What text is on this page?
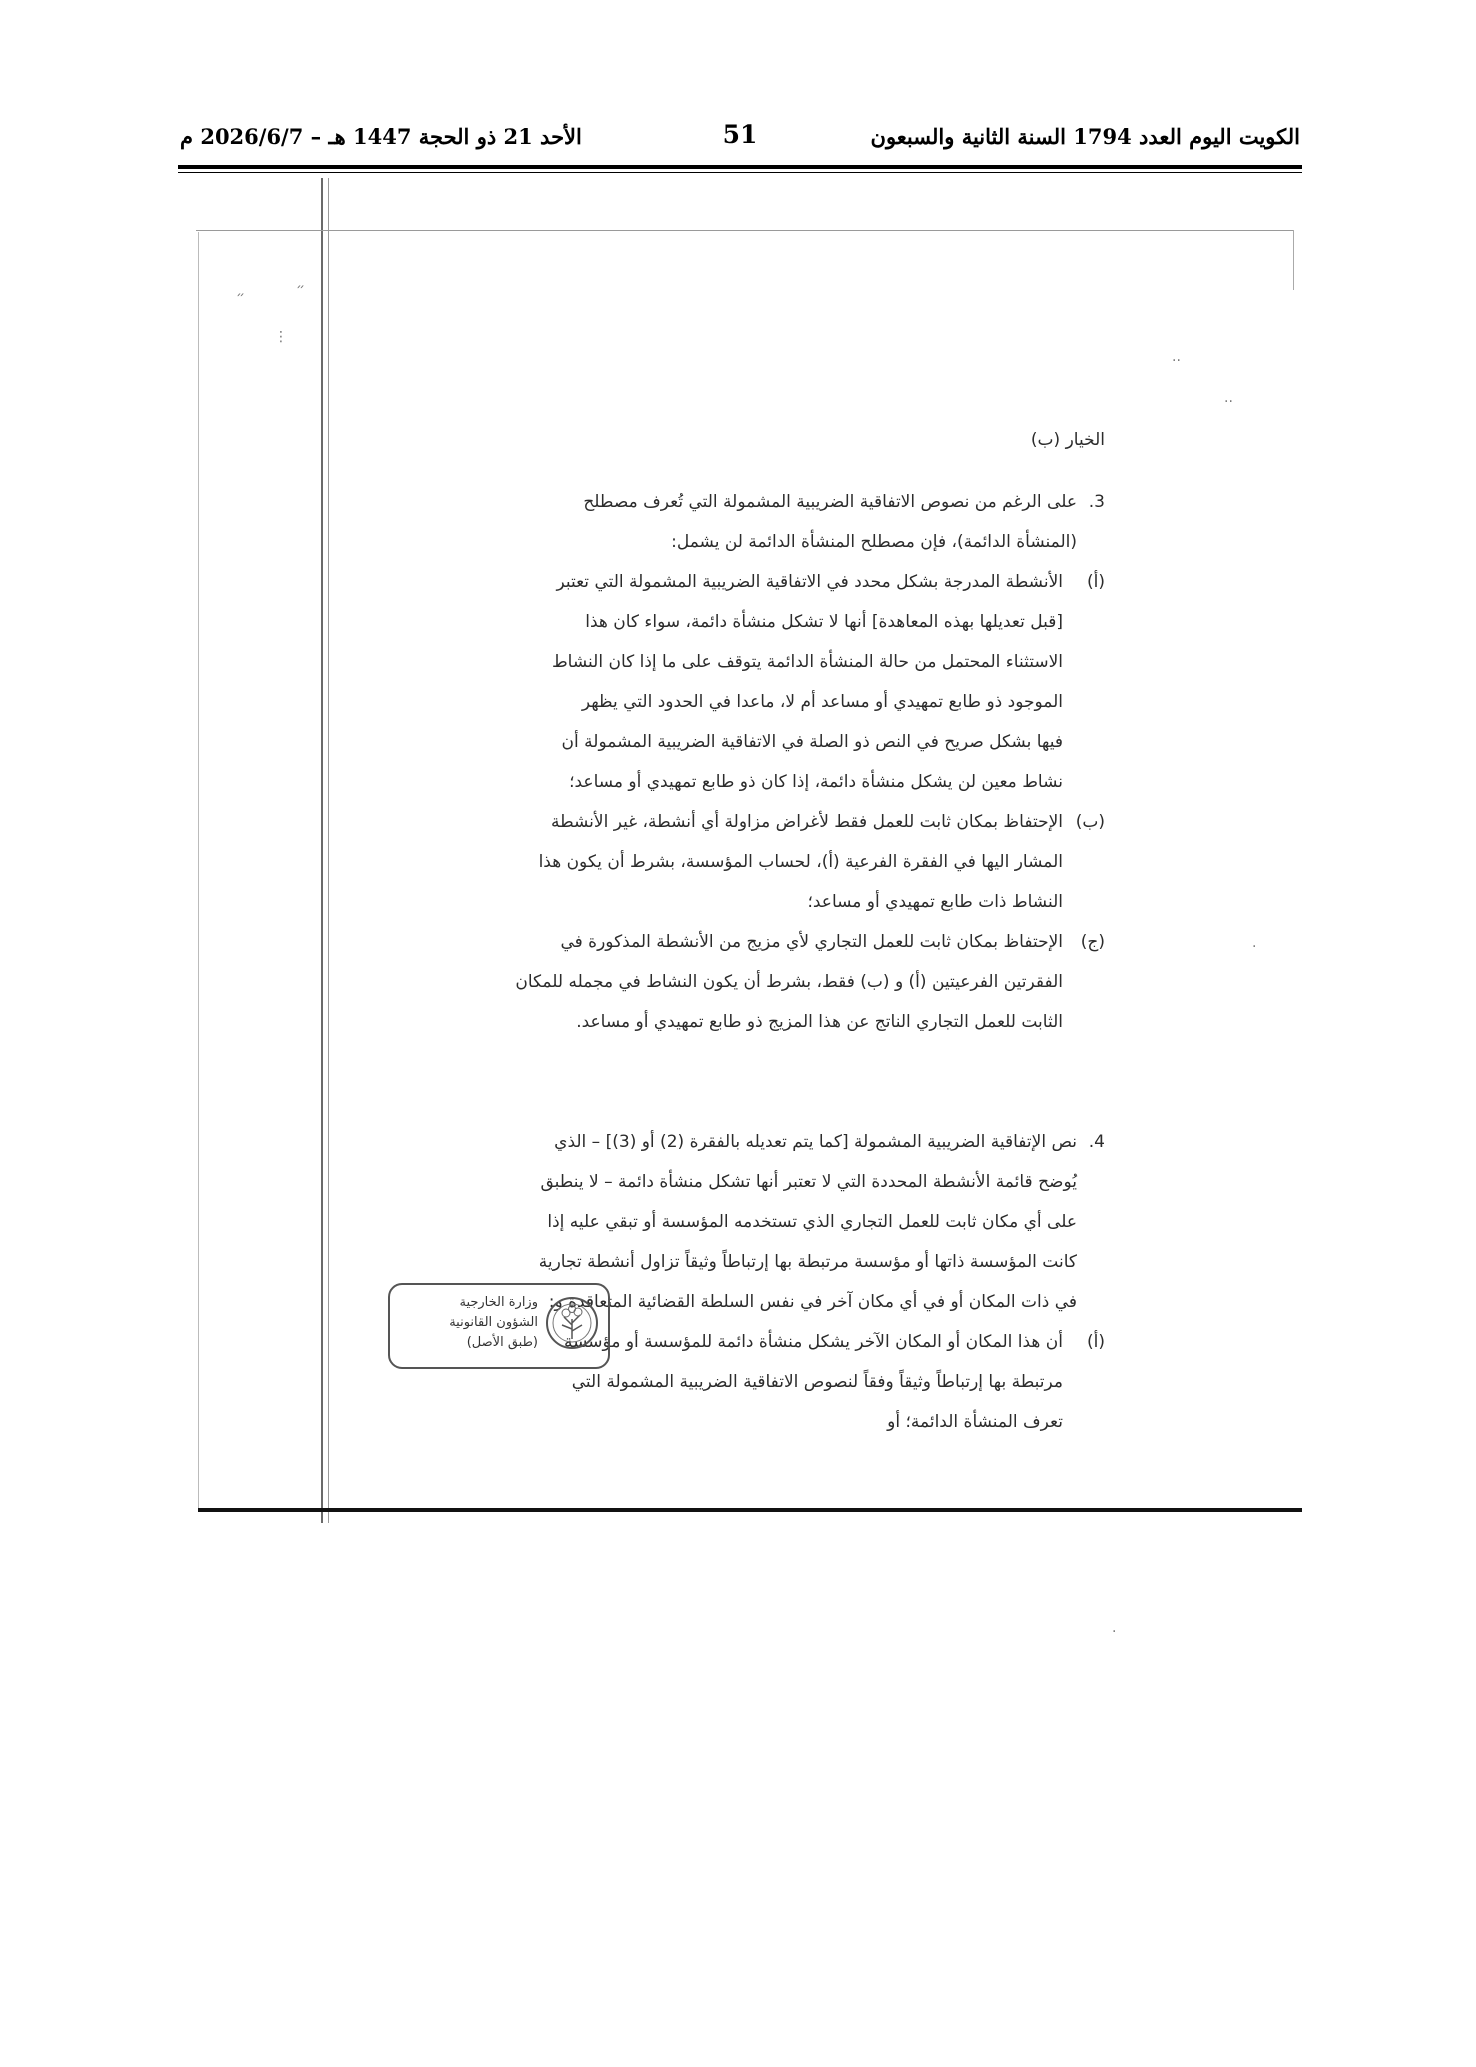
الكويت اليوم العدد 1794 السنة الثانية والسبعون
51
الأحد 21 ذو الحجة 1447 هـ – 2026/6/7 م
״	״
⋮
··
··
·
·
الخيار (ب)
3.على الرغم من نصوص الاتفاقية الضريبية المشمولة التي تُعرف مصطلح
(المنشأة الدائمة)، فإن مصطلح المنشأة الدائمة لن يشمل:
(أ)الأنشطة المدرجة بشكل محدد في الاتفاقية الضريبية المشمولة التي تعتبر
[قبل تعديلها بهذه المعاهدة] أنها لا تشكل منشأة دائمة، سواء كان هذا
الاستثناء المحتمل من حالة المنشأة الدائمة يتوقف على ما إذا كان النشاط
الموجود ذو طابع تمهيدي أو مساعد أم لا، ماعدا في الحدود التي يظهر
فيها بشكل صريح في النص ذو الصلة في الاتفاقية الضريبية المشمولة أن
نشاط معين لن يشكل منشأة دائمة، إذا كان ذو طابع تمهيدي أو مساعد؛
(ب)الإحتفاظ بمكان ثابت للعمل فقط لأغراض مزاولة أي أنشطة، غير الأنشطة
المشار اليها في الفقرة الفرعية (أ)، لحساب المؤسسة، بشرط أن يكون هذا
النشاط ذات طابع تمهيدي أو مساعد؛
(ج)الإحتفاظ بمكان ثابت للعمل التجاري لأي مزيج من الأنشطة المذكورة في
الفقرتين الفرعيتين (أ) و (ب) فقط، بشرط أن يكون النشاط في مجمله للمكان
الثابت للعمل التجاري الناتج عن هذا المزيج ذو طابع تمهيدي أو مساعد.
4.نص الإتفاقية الضريبية المشمولة [كما يتم تعديله بالفقرة (2) أو (3)] – الذي
يُوضح قائمة الأنشطة المحددة التي لا تعتبر أنها تشكل منشأة دائمة – لا ينطبق
على أي مكان ثابت للعمل التجاري الذي تستخدمه المؤسسة أو تبقي عليه إذا
كانت المؤسسة ذاتها أو مؤسسة مرتبطة بها إرتباطاً وثيقاً تزاول أنشطة تجارية
في ذات المكان أو في أي مكان آخر في نفس السلطة القضائية المتعاقدة و:
(أ)أن هذا المكان أو المكان الآخر يشكل منشأة دائمة للمؤسسة أو مؤسسة
مرتبطة بها إرتباطاً وثيقاً وفقاً لنصوص الاتفاقية الضريبية المشمولة التي
تعرف المنشأة الدائمة؛ أو
وزارة الخارجية
الشؤون القانونية
(طبق الأصل)
